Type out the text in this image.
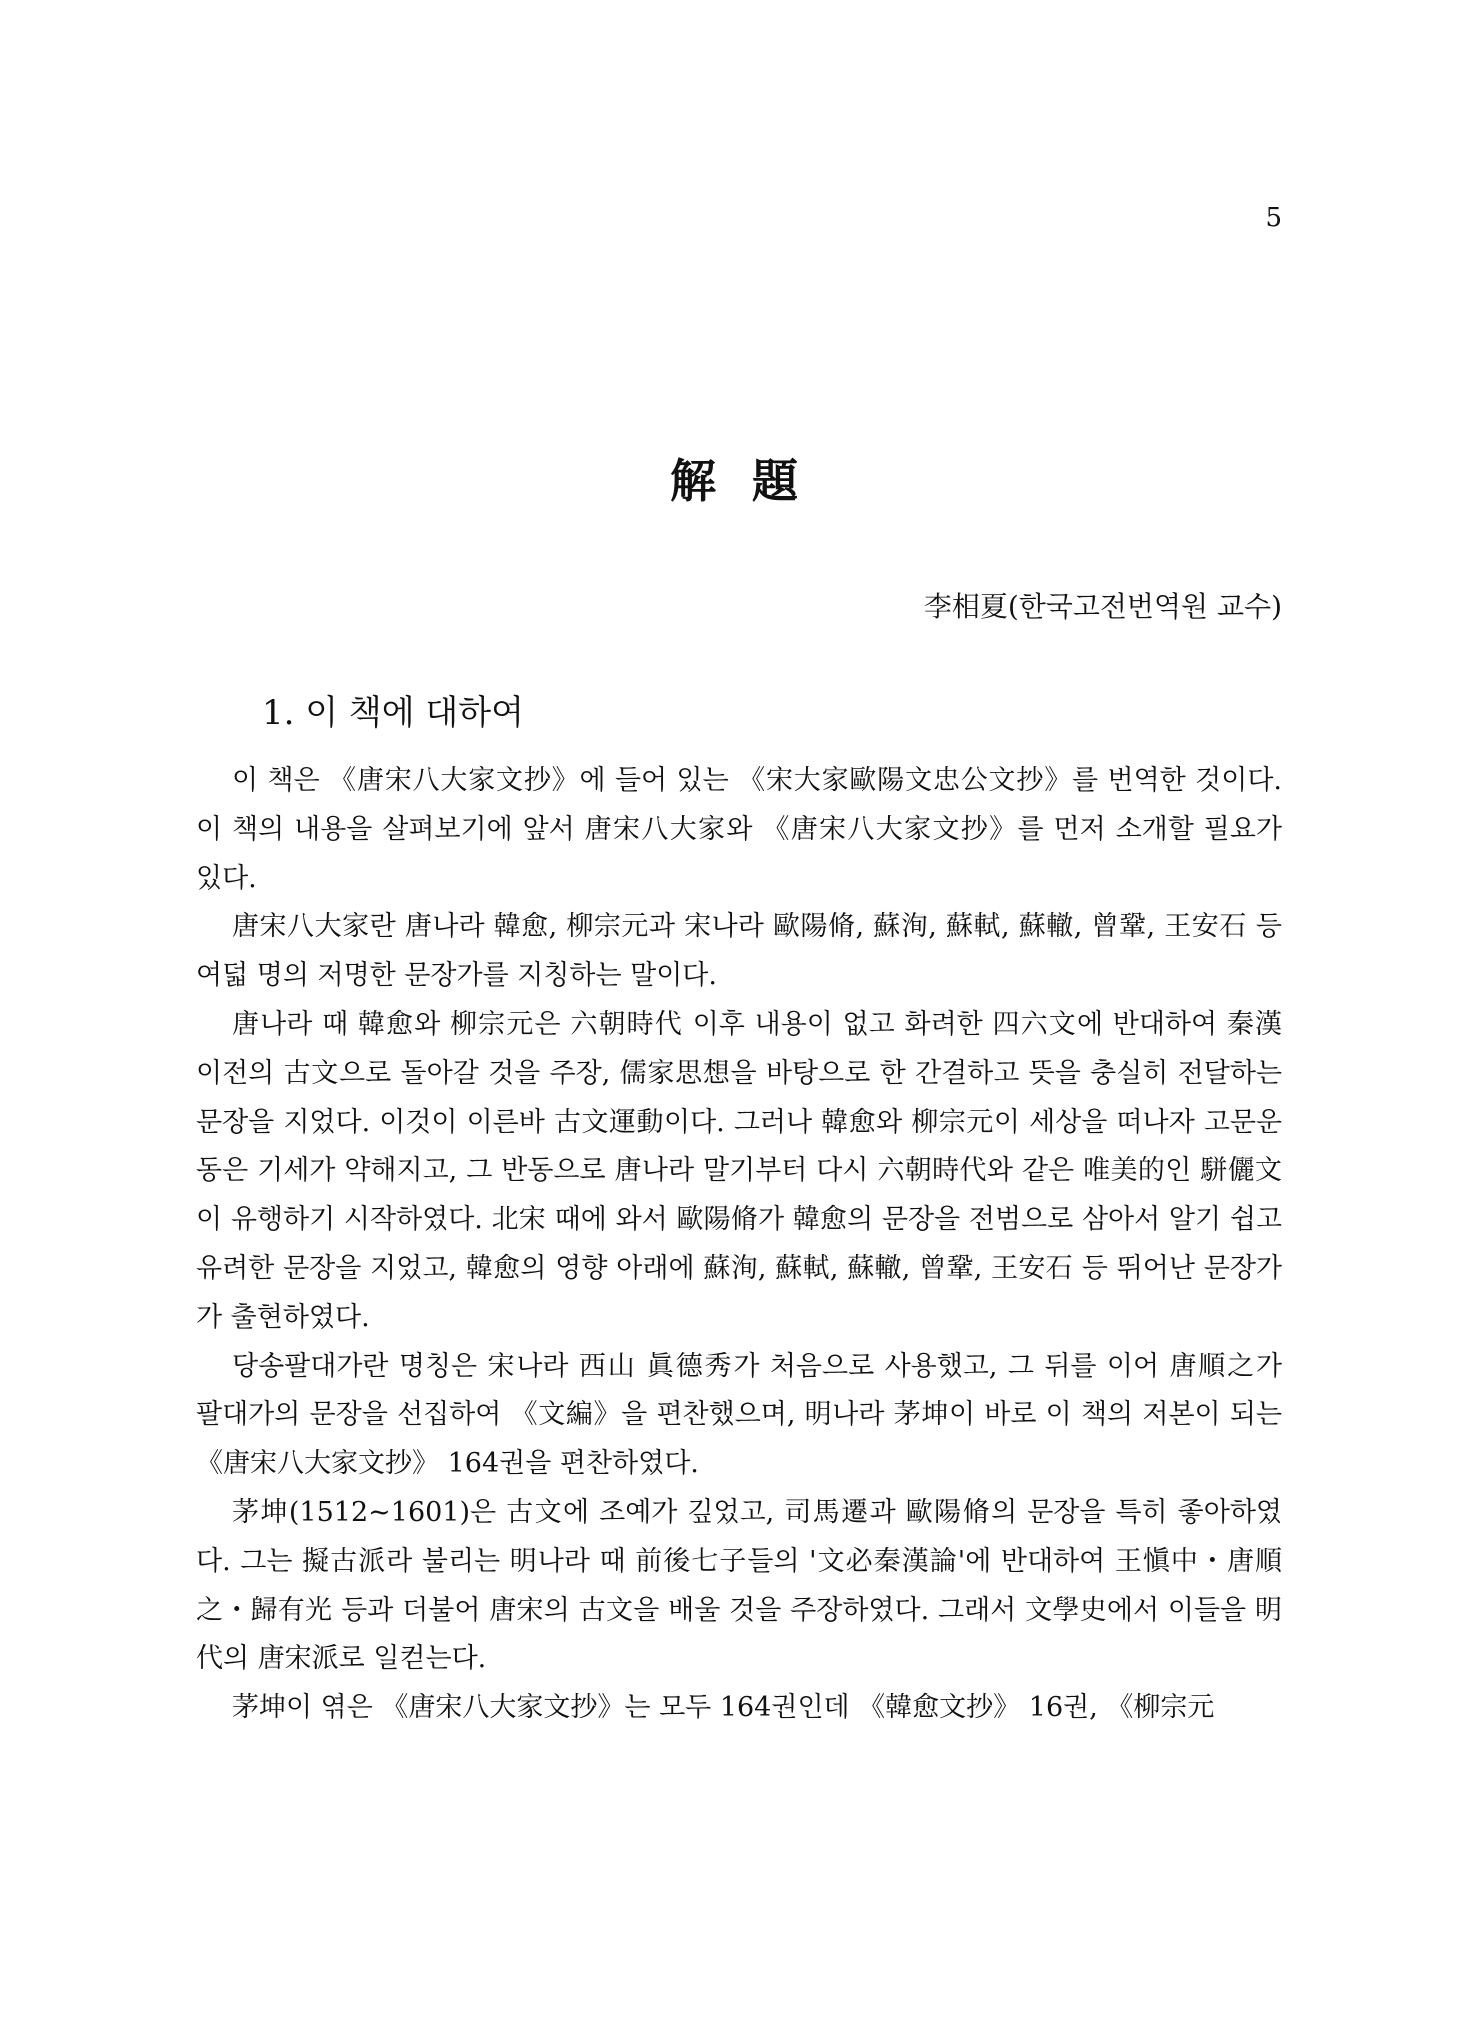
5
解 題
李相夏(한국고전번역원 교수)
1. 이 책에 대하여

이 책은 《唐宋八大家文抄》에 들어 있는 《宋大家歐陽文忠公文抄》를 번역한 것이다. 이 책의 내용을 살펴보기에 앞서 唐宋八大家와 《唐宋八大家文抄》를 먼저 소개할 필요가 있다.

唐宋八大家란 唐나라 韓愈, 柳宗元과 宋나라 歐陽脩, 蘇洵, 蘇軾, 蘇轍, 曾鞏, 王安石 등 여덟 명의 저명한 문장가를 지칭하는 말이다.

唐나라 때 韓愈와 柳宗元은 六朝時代 이후 내용이 없고 화려한 四六文에 반대하여 秦漢 이전의 古文으로 돌아갈 것을 주장, 儒家思想을 바탕으로 한 간결하고 뜻을 충실히 전달하는 문장을 지었다. 이것이 이른바 古文運動이다. 그러나 韓愈와 柳宗元이 세상을 떠나자 고문운동은 기세가 약해지고, 그 반동으로 唐나라 말기부터 다시 六朝時代와 같은 唯美的인 駢儷文이 유행하기 시작하였다. 北宋 때에 와서 歐陽脩가 韓愈의 문장을 전범으로 삼아서 알기 쉽고 유려한 문장을 지었고, 韓愈의 영향 아래에 蘇洵, 蘇軾, 蘇轍, 曾鞏, 王安石 등 뛰어난 문장가가 출현하였다.

당송팔대가란 명칭은 宋나라 西山 眞德秀가 처음으로 사용했고, 그 뒤를 이어 唐順之가 팔대가의 문장을 선집하여 《文編》을 편찬했으며, 明나라 茅坤이 바로 이 책의 저본이 되는 《唐宋八大家文抄》 164권을 편찬하였다.

茅坤(1512~1601)은 古文에 조예가 깊었고, 司馬遷과 歐陽脩의 문장을 특히 좋아하였다. 그는 擬古派라 불리는 明나라 때 前後七子들의 '文必秦漢論'에 반대하여 王愼中・唐順之・歸有光 등과 더불어 唐宋의 古文을 배울 것을 주장하였다. 그래서 文學史에서 이들을 明代의 唐宋派로 일컫는다.

茅坤이 엮은 《唐宋八大家文抄》는 모두 164권인데 《韓愈文抄》 16권, 《柳宗元
